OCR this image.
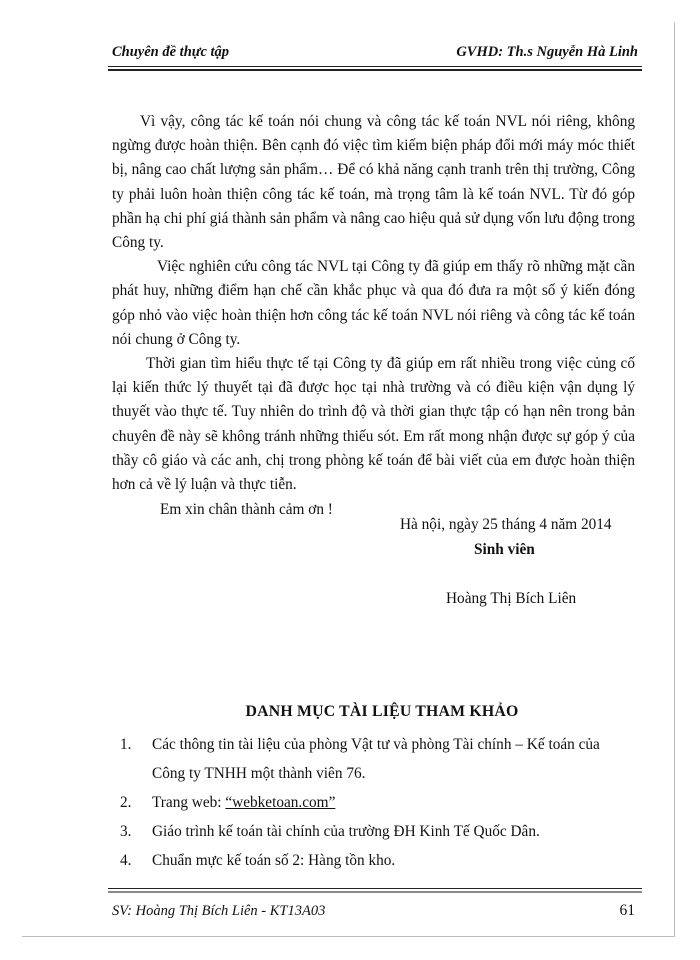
Chuyên đề thực tập	GVHD: Th.s Nguyễn Hà Linh

Vì vậy, công tác kế toán nói chung và công tác kế toán NVL nói riêng, không ngừng được hoàn thiện. Bên cạnh đó việc tìm kiếm biện pháp đổi mới máy móc thiết bị, nâng cao chất lượng sản phẩm… Để có khả năng cạnh tranh trên thị trường, Công ty phải luôn hoàn thiện công tác kế toán, mà trọng tâm là kế toán NVL. Từ đó góp phần hạ chi phí giá thành sản phẩm và nâng cao hiệu quả sử dụng vốn lưu động trong Công ty.

Việc nghiên cứu công tác NVL tại Công ty đã giúp em thấy rõ những mặt cần phát huy, những điểm hạn chế cần khắc phục và qua đó đưa ra một số ý kiến đóng góp nhỏ vào việc hoàn thiện hơn công tác kế toán NVL nói riêng và công tác kế toán nói chung ở Công ty.

Thời gian tìm hiểu thực tế tại Công ty đã giúp em rất nhiều trong việc củng cố lại kiến thức lý thuyết tại đã được học tại nhà trường và có điều kiện vận dụng lý thuyết vào thực tế. Tuy nhiên do trình độ và thời gian thực tập có hạn nên trong bản chuyên đề này sẽ không tránh những thiếu sót. Em rất mong nhận được sự góp ý của thầy cô giáo và các anh, chị trong phòng kế toán để bài viết của em được hoàn thiện hơn cả về lý luận và thực tiễn.

Em xin chân thành cảm ơn !

Hà nội, ngày 25 tháng 4 năm 2014
Sinh viên
Hoàng Thị Bích Liên
DANH MỤC TÀI LIỆU THAM KHẢO
1.	Các thông tin tài liệu của phòng Vật tư và phòng Tài chính – Kế toán của
Công ty TNHH một thành viên 76.
2.	Trang web: “webketoan.com”
3.	Giáo trình kế toán tài chính của trường ĐH Kinh Tế Quốc Dân.
4.	Chuẩn mực kế toán số 2: Hàng tồn kho.
SV: Hoàng Thị Bích Liên - KT13A03	61
